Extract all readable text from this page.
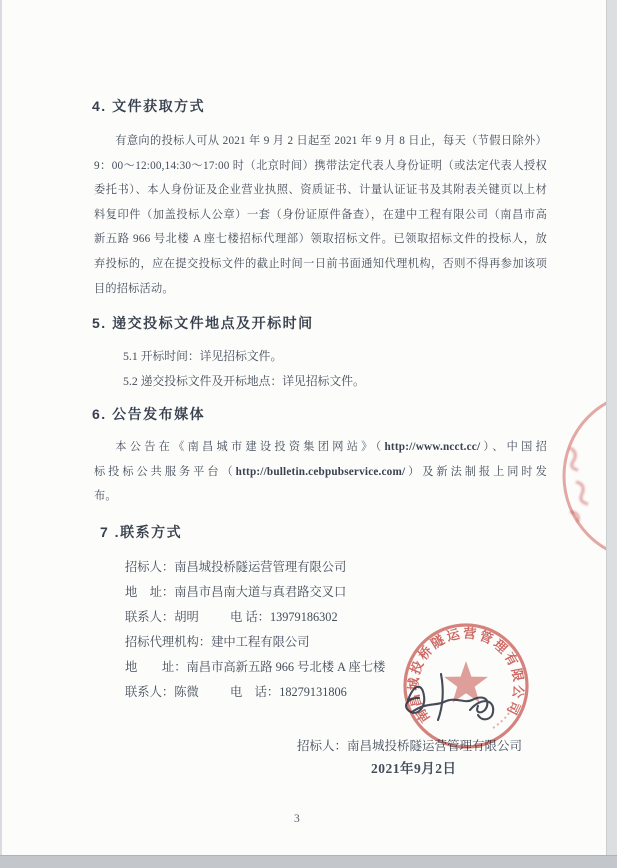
4. 文件获取方式
有意向的投标人可从 2021 年 9 月 2 日起至 2021 年 9 月 8 日止，每天（节假日除外）
9：00～12:00,14:30～17:00 时（北京时间）携带法定代表人身份证明（或法定代表人授权
委托书）、本人身份证及企业营业执照、资质证书、计量认证证书及其附表关键页以上材
料复印件（加盖投标人公章）一套（身份证原件备查），在建中工程有限公司（南昌市高
新五路 966 号北楼 A 座七楼招标代理部）领取招标文件。已领取招标文件的投标人，放
弃投标的，应在提交投标文件的截止时间一日前书面通知代理机构，否则不得再参加该项
目的招标活动。
5. 递交投标文件地点及开标时间
5.1 开标时间：详见招标文件。
5.2 递交投标文件及开标地点：详见招标文件。
6. 公告发布媒体
本公告在《南昌城市建设投资集团网站》（http://www.ncct.cc/）、中国招
标投标公共服务平台（http://bulletin.cebpubservice.com/）及新法制报上同时发
布。
7 .联系方式
招标人：南昌城投桥隧运营管理有限公司
地　址：南昌市昌南大道与真君路交叉口
联系人：胡明	电 话：13979186302
招标代理机构：建中工程有限公司
地　　址：南昌市高新五路 966 号北楼 A 座七楼
联系人：陈微	电　话：18279131806
招标人：南昌城投桥隧运营管理有限公司
2021年9月2日
3
南昌城投桥隧运营管理有限公司
